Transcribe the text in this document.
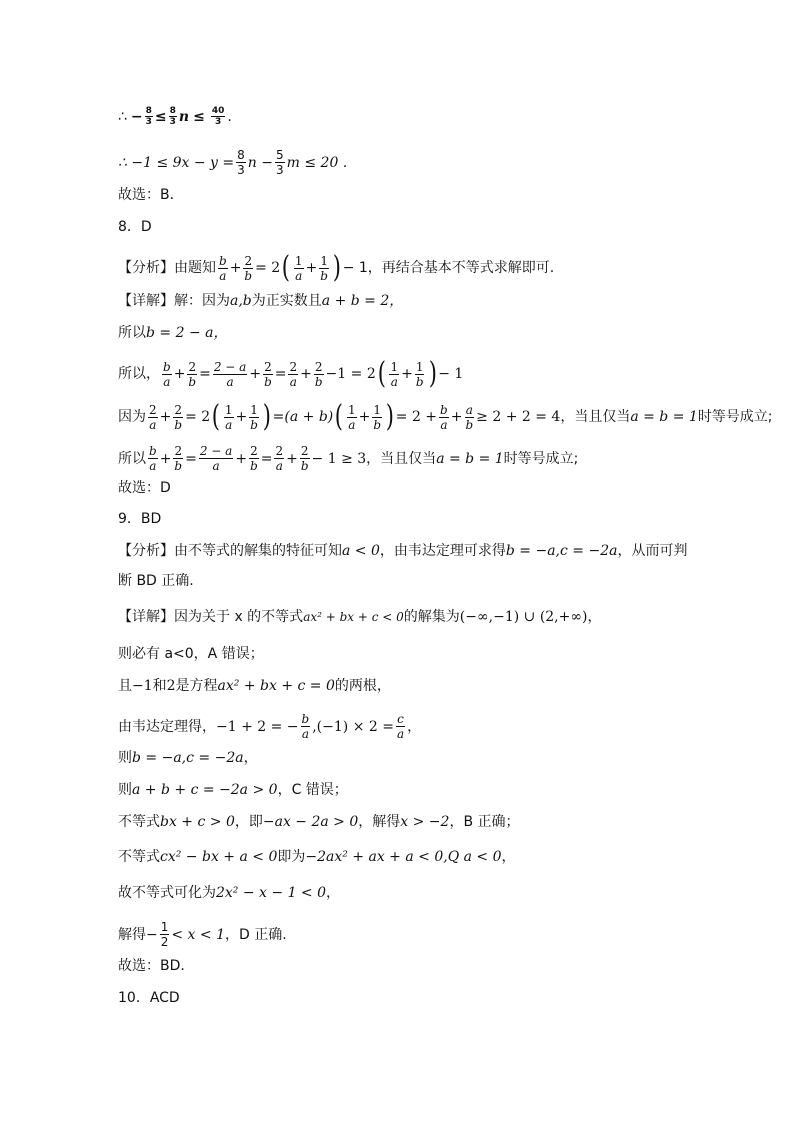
∴ − $\frac{8}{3} \le \frac{8}{3}$ $n \le \frac{40}{3}$ .
∴ $-1 \le 9x - y = \frac{8}{3}$ $n - \frac{5}{3}$ m ≤ 20 .
故选：B．
8．D
【分析】 由题知 $\frac{b}{a} + \frac{2}{b} = 2$ ( $\frac{1}{a} + \frac{1}{b}$ ) − 1，再结合基本不等式求解即可.
【详解】 解：因为 a,b 为正实数且 a + b = 2，
所以 b = 2 − a，
所以， $\frac{b}{a} + \frac{2}{b} = \frac{2 - a}{a} + \frac{2}{b} = \frac{2}{a} + \frac{2}{b} -1 = 2$ ( $\frac{1}{a} + \frac{1}{b}$ ) − 1
因为 $\frac{2}{a} + \frac{2}{b} = 2$ ( $\frac{1}{a} + \frac{1}{b}$ ) = (a + b) ( $\frac{1}{a} + \frac{1}{b}$ ) = $2 + \frac{b}{a} + \frac{a}{b} \ge 2 + 2 = 4$，当且仅当 a = b = 1 时等号成立;
所以 $\frac{b}{a} + \frac{2}{b} = \frac{2 - a}{a} + \frac{2}{b} = \frac{2}{a} + \frac{2}{b} - 1 \ge 3$，当且仅当 a = b = 1 时等号成立;
故选：D
9．BD
【分析】 由不等式的解集的特征可知 a < 0 ，由韦达定理可求得 b = −a,c = −2a ，从而可判
断 BD 正确.
【详解】 因为关于 x 的不等式 ax² + bx + c < 0 的解集为 (−∞,−1) ∪ (2,+∞) ，
则必有 a<0，A 错误；
且 −1和2 是方程 ax² + bx + c = 0 的两根，
由韦达定理得， −1 + 2 = − $\frac{b}{a} ,(-1) \times 2 = \frac{c}{a}$ ，
则 b = −a,c = −2a ，
则 a + b + c = −2a > 0 ，C 错误；
不等式 bx + c > 0 ，即 −ax − 2a > 0 ，解得 x > −2 ，B 正确；
不等式 cx² − bx + a < 0 即为 −2ax² + ax + a < 0,Q a < 0 ，
故不等式可化为 2x² − x − 1 < 0 ，
解得 − $\frac{1}{2} < x < 1$ ，D 正确.
故选：BD.
10．ACD
